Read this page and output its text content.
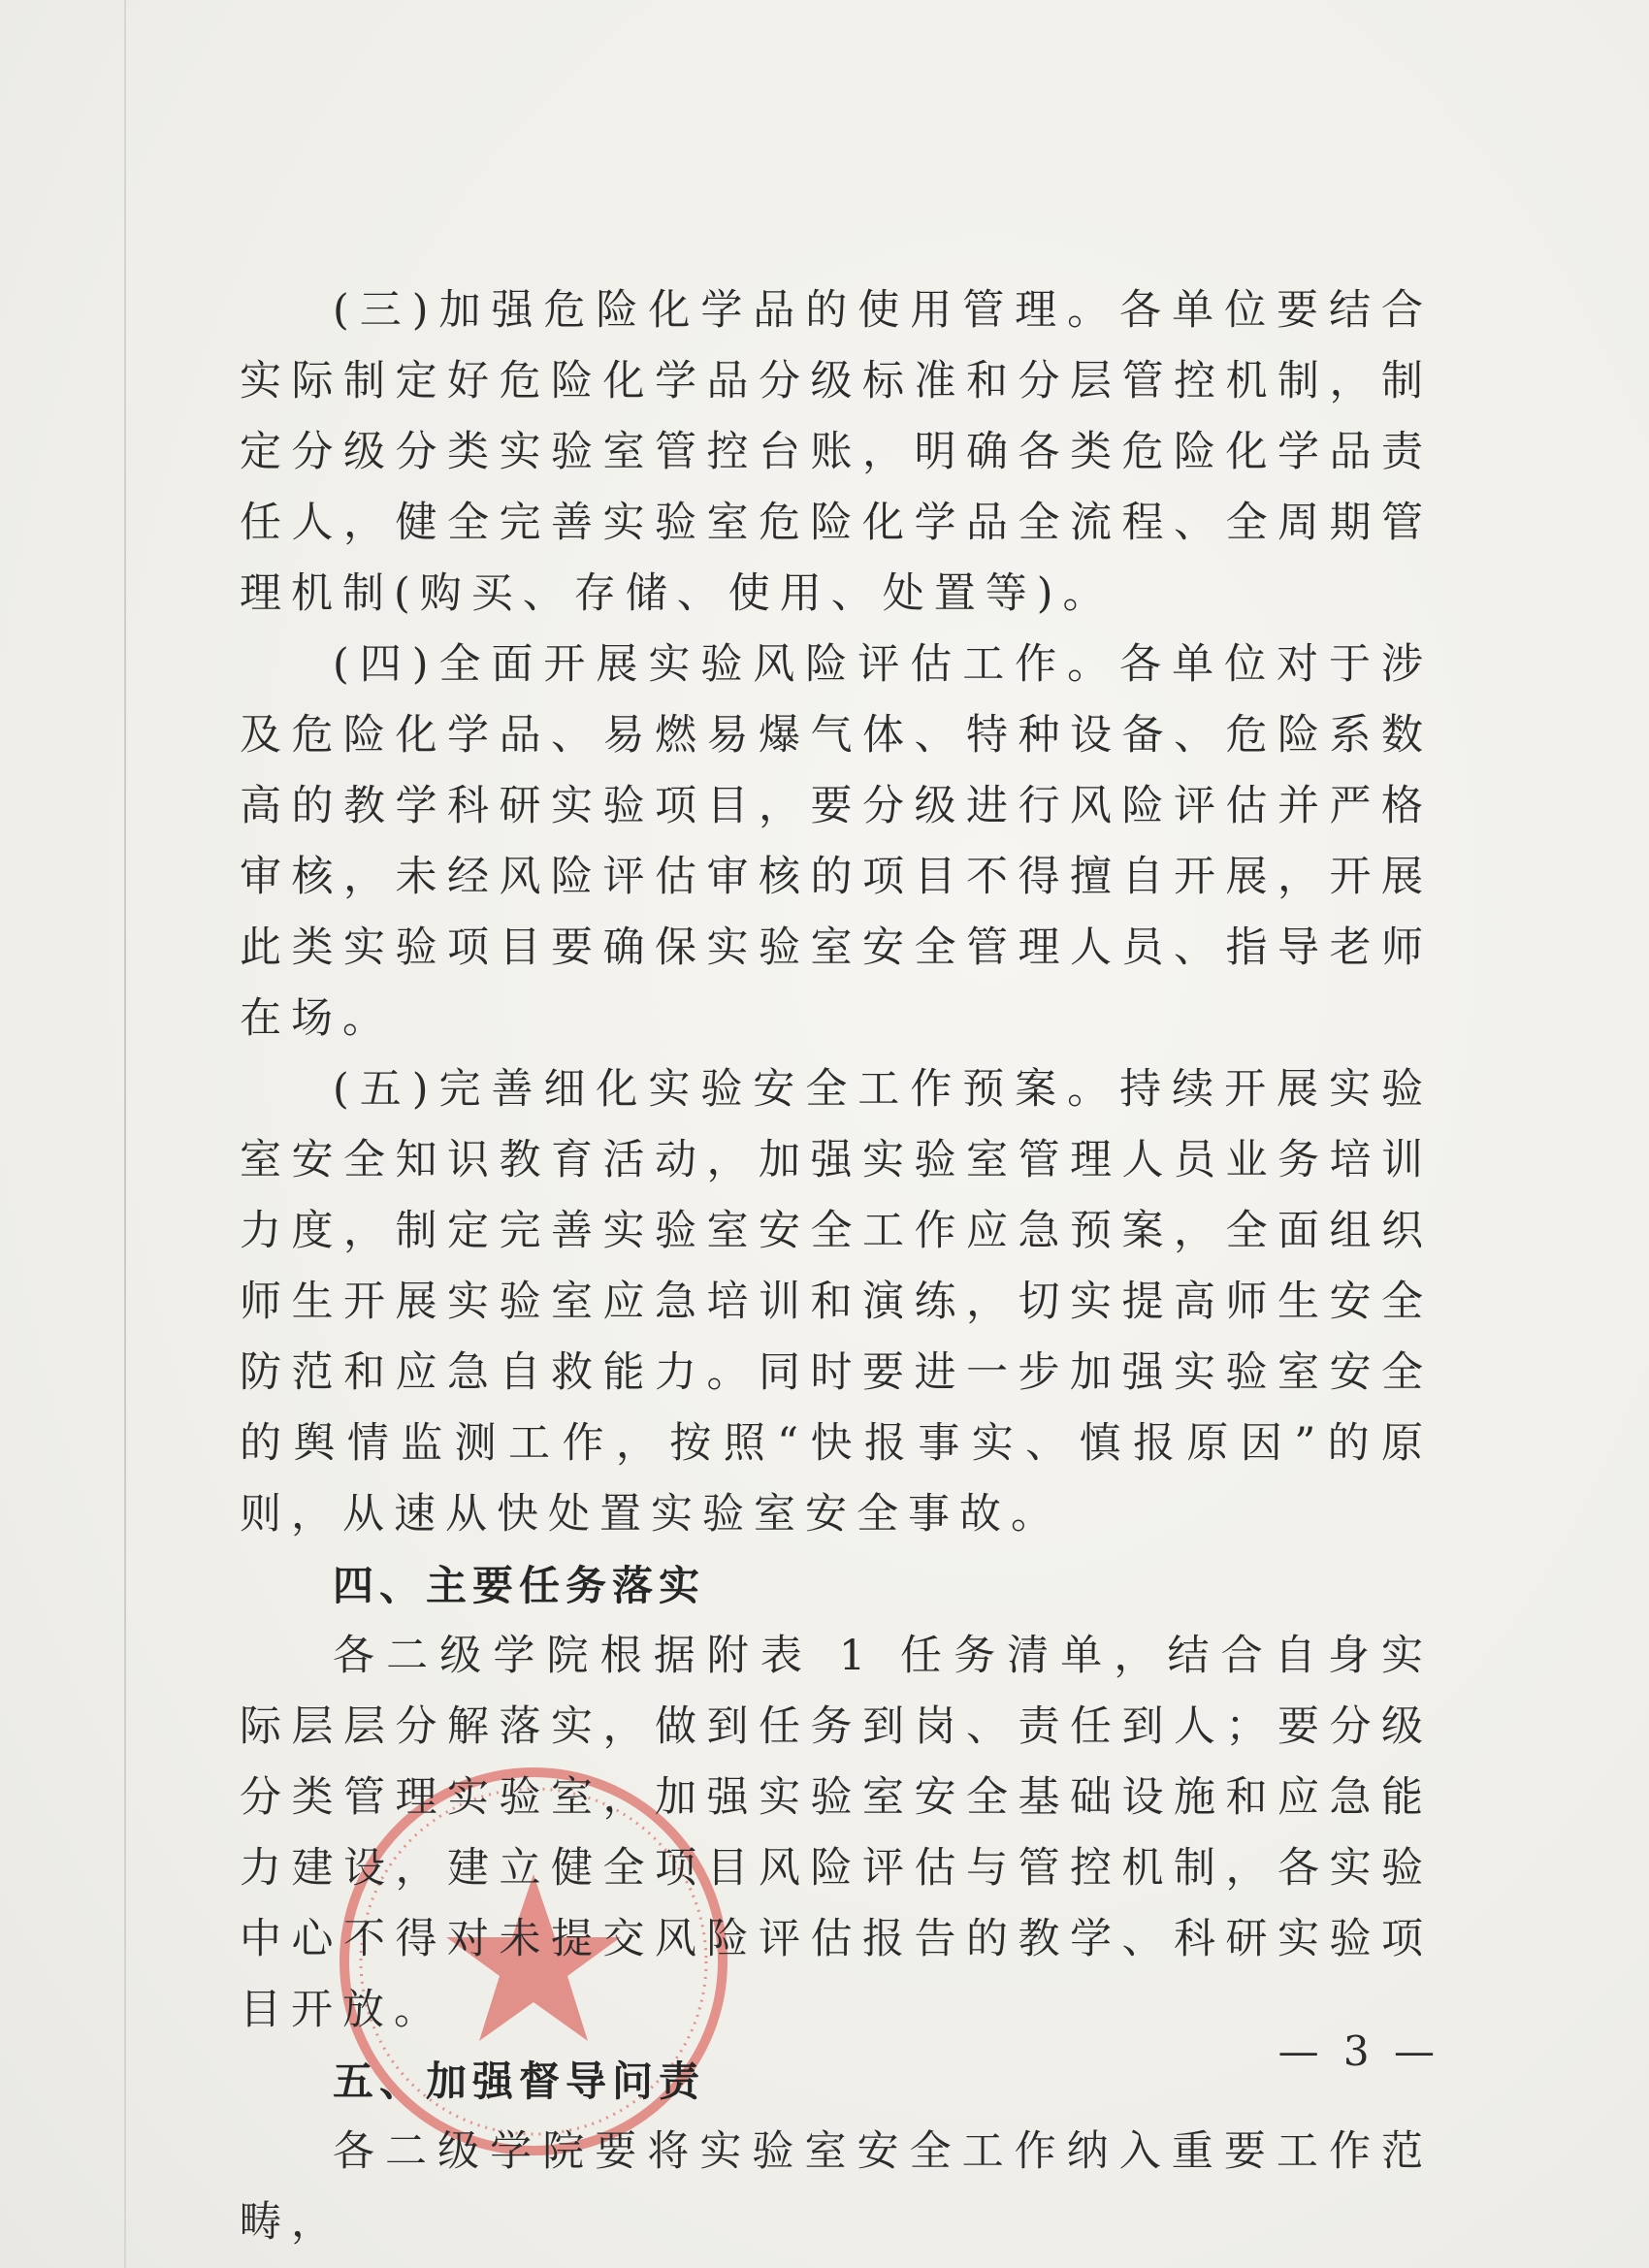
(三)加强危险化学品的使用管理。各单位要结合实际制定好危险化学品分级标准和分层管控机制，制定分级分类实验室管控台账，明确各类危险化学品责任人，健全完善实验室危险化学品全流程、全周期管理机制(购买、存储、使用、处置等)。

(四)全面开展实验风险评估工作。各单位对于涉及危险化学品、易燃易爆气体、特种设备、危险系数高的教学科研实验项目，要分级进行风险评估并严格审核，未经风险评估审核的项目不得擅自开展，开展此类实验项目要确保实验室安全管理人员、指导老师在场。

(五)完善细化实验安全工作预案。持续开展实验室安全知识教育活动，加强实验室管理人员业务培训力度，制定完善实验室安全工作应急预案，全面组织师生开展实验室应急培训和演练，切实提高师生安全防范和应急自救能力。同时要进一步加强实验室安全的舆情监测工作，按照“快报事实、慎报原因”的原则，从速从快处置实验室安全事故。

四、主要任务落实

各二级学院根据附表 1 任务清单，结合自身实际层层分解落实，做到任务到岗、责任到人；要分级分类管理实验室，加强实验室安全基础设施和应急能力建设，建立健全项目风险评估与管控机制，各实验中心不得对未提交风险评估报告的教学、科研实验项目开放。

五、加强督导问责

各二级学院要将实验室安全工作纳入重要工作范畴，

— 3 —
